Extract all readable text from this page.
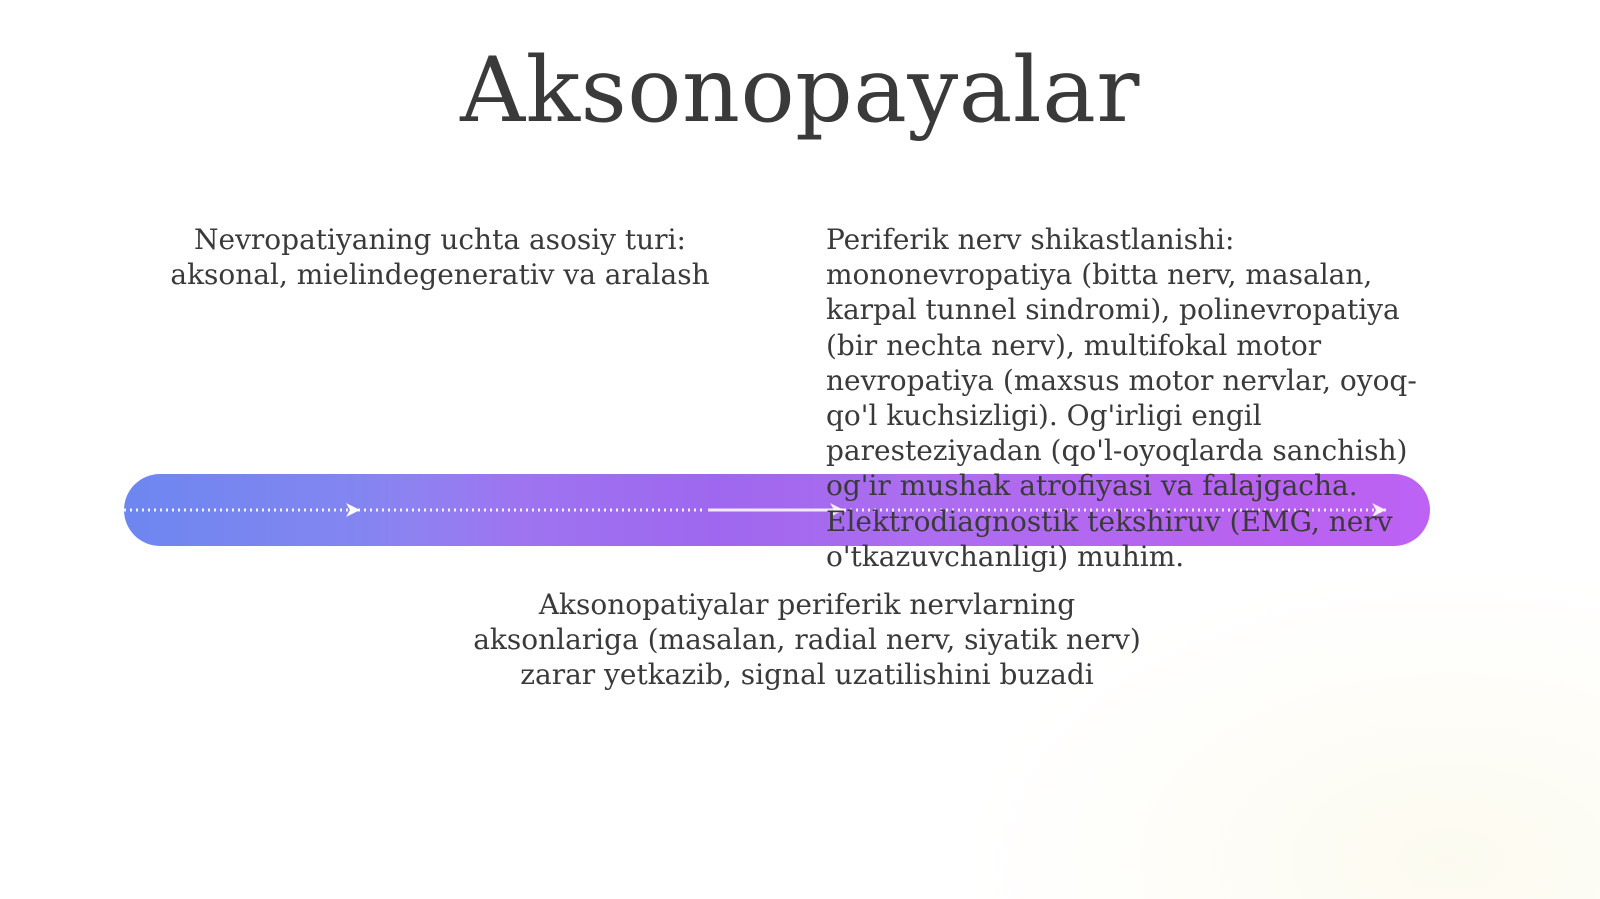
Aksonopayalar
Nevropatiyaning uchta asosiy turi:
aksonal, mielindegenerativ va aralash
Periferik nerv shikastlanishi:
mononevropatiya (bitta nerv, masalan,
karpal tunnel sindromi), polinevropatiya
(bir nechta nerv), multifokal motor
nevropatiya (maxsus motor nervlar, oyoq-
qo'l kuchsizligi). Og'irligi engil
paresteziyadan (qo'l-oyoqlarda sanchish)
og'ir mushak atrofiyasi va falajgacha.
Elektrodiagnostik tekshiruv (EMG, nerv
o'tkazuvchanligi) muhim.
Aksonopatiyalar periferik nervlarning
aksonlariga (masalan, radial nerv, siyatik nerv)
zarar yetkazib, signal uzatilishini buzadi
